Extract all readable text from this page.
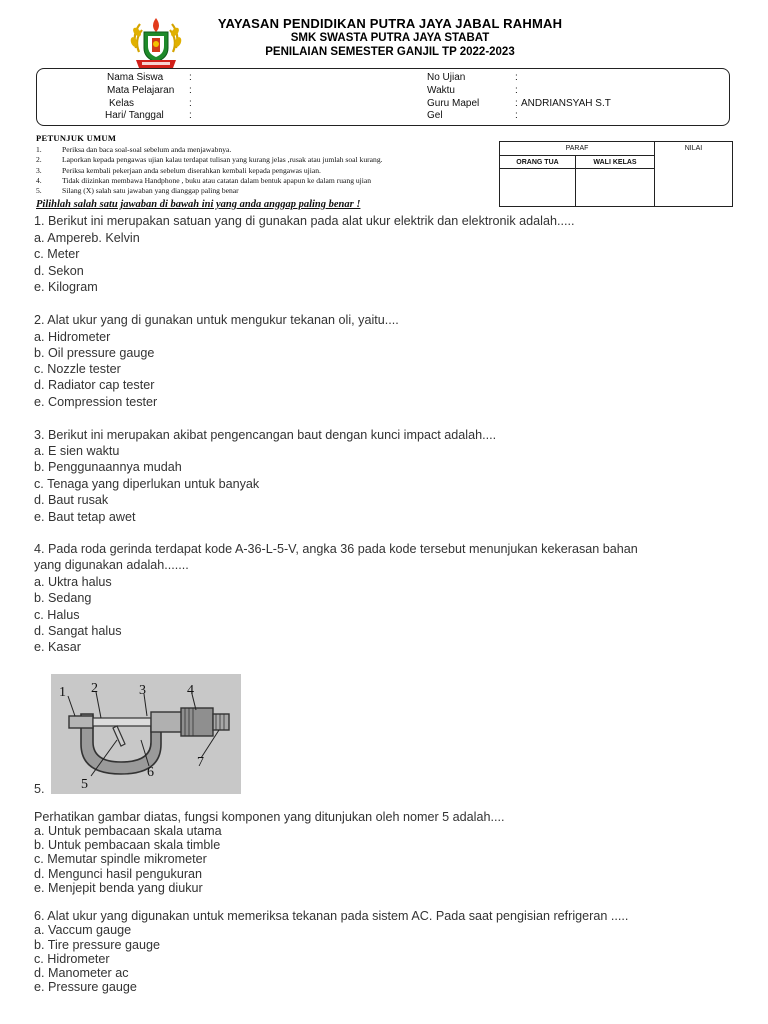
YAYASAN PENDIDIKAN PUTRA JAYA JABAL RAHMAH
SMK SWASTA PUTRA JAYA STABAT
PENILAIAN SEMESTER GANJIL TP 2022-2023
Nama Siswa	:
Mata Pelajaran :
Kelas	:
Hari/ Tanggal	:
No Ujian	:
Waktu	:
Guru Mapel	: ANDRIANSYAH S.T
Gel	:
PETUNJUK UMUM
1.	Periksa dan baca soal-soal sebelum anda menjawabnya.
2.	Laporkan kepada pengawas ujian kalau terdapat tulisan yang kurang jelas ,rusak atau jumlah soal kurang.
3.	Periksa kembali pekerjaan anda sebelum diserahkan kembali kepada pengawas ujian.
4.	Tidak diizinkan membawa Handphone , buku atau catatan dalam bentuk apapun ke dalam ruang ujian
5.	Silang (X) salah satu jawaban yang dianggap paling benar
PARAF		NILAI
ORANG TUA	WALI KELAS	

Pilihlah salah satu jawaban di bawah ini yang anda anggap paling benar !
1. Berikut ini merupakan satuan yang di gunakan pada alat ukur elektrik dan elektronik adalah.....
a. Ampereb. Kelvin
c. Meter
d. Sekon
e. Kilogram
2. Alat ukur yang di gunakan untuk mengukur tekanan oli, yaitu....
a. Hidrometer
b. Oil pressure gauge
c. Nozzle tester
d. Radiator cap tester
e. Compression tester
3. Berikut ini merupakan akibat pengencangan baut dengan kunci impact adalah....
a. E sien waktu
b. Penggunaannya mudah
c. Tenaga yang diperlukan untuk banyak
d. Baut rusak
e. Baut tetap awet
4. Pada roda gerinda terdapat kode A-36-L-5-V, angka 36 pada kode tersebut menunjukan kekerasan bahan
yang digunakan adalah.......
a. Uktra halus
b. Sedang
c. Halus
d. Sangat halus
e. Kasar
1 2	3	4
5
6
7
5.
Perhatikan gambar diatas, fungsi komponen yang ditunjukan oleh nomer 5 adalah....
a. Untuk pembacaan skala utama
b. Untuk pembacaan skala timble
c. Memutar spindle mikrometer
d. Mengunci hasil pengukuran
e. Menjepit benda yang diukur
6. Alat ukur yang digunakan untuk memeriksa tekanan pada sistem AC. Pada saat pengisian refrigeran .....
a. Vaccum gauge
b. Tire pressure gauge
c. Hidrometer
d. Manometer ac
e. Pressure gauge
